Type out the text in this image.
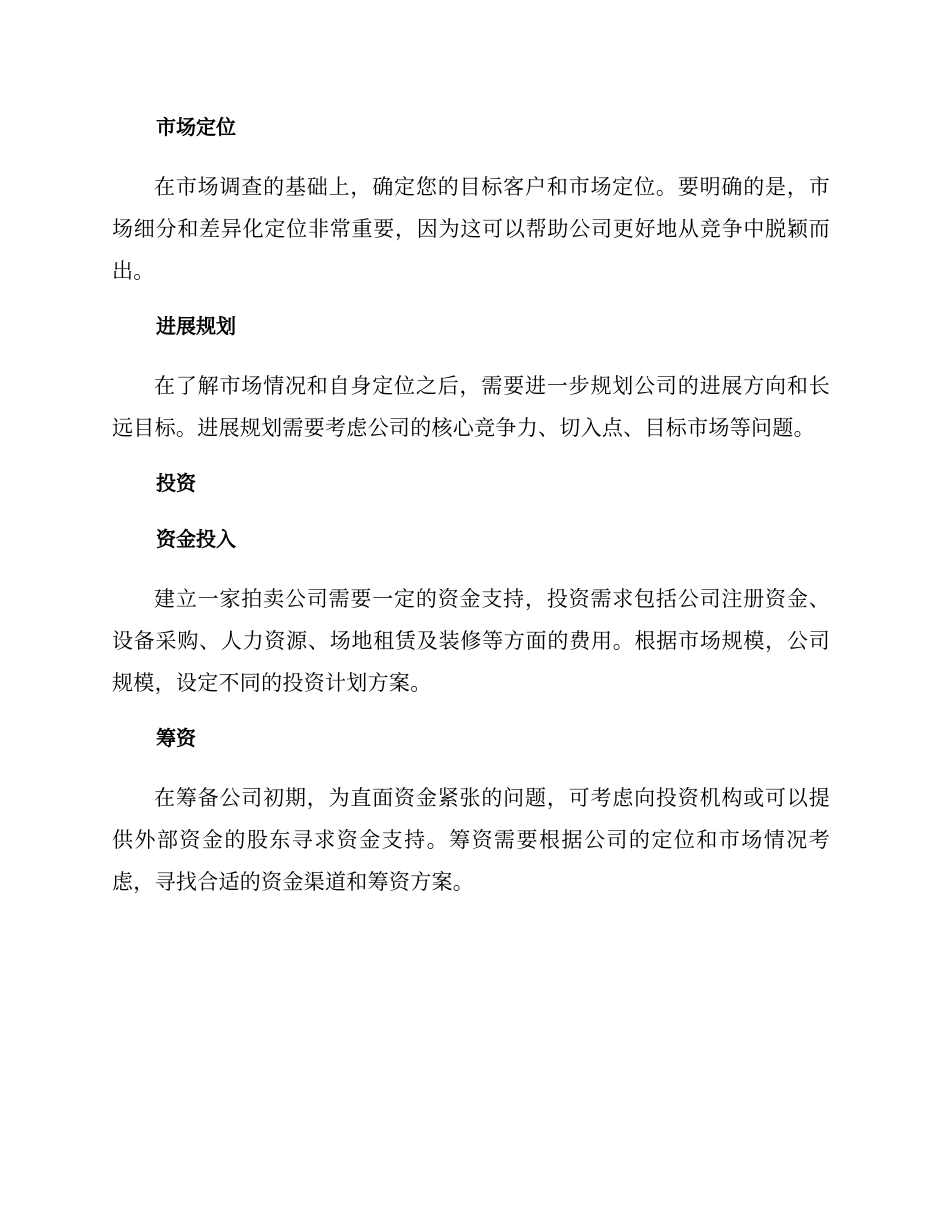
市场定位

在市场调查的基础上，确定您的目标客户和市场定位。要明确的是，市场细分和差异化定位非常重要，因为这可以帮助公司更好地从竞争中脱颖而出。

进展规划

在了解市场情况和自身定位之后，需要进一步规划公司的进展方向和长远目标。进展规划需要考虑公司的核心竞争力、切入点、目标市场等问题。

投资
资金投入

建立一家拍卖公司需要一定的资金支持，投资需求包括公司注册资金、设备采购、人力资源、场地租赁及装修等方面的费用。根据市场规模，公司规模，设定不同的投资计划方案。

筹资

在筹备公司初期，为直面资金紧张的问题，可考虑向投资机构或可以提供外部资金的股东寻求资金支持。筹资需要根据公司的定位和市场情况考虑，寻找合适的资金渠道和筹资方案。
